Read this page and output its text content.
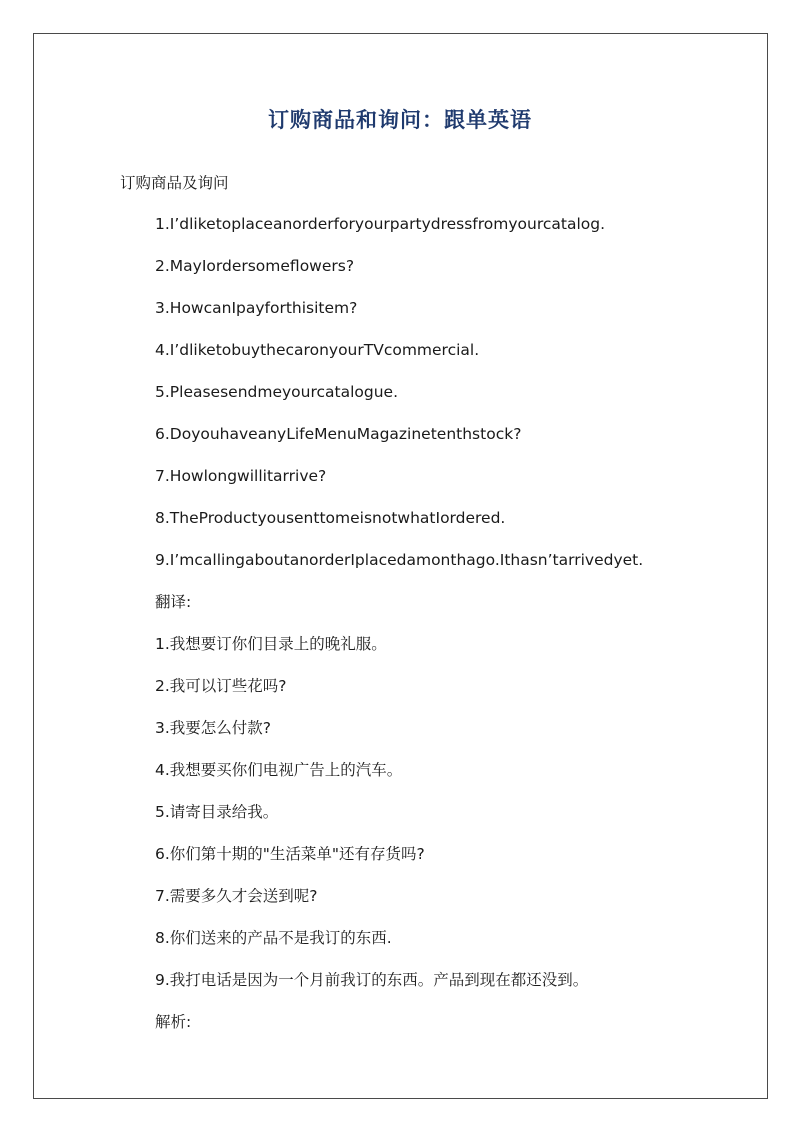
订购商品和询问：跟单英语
订购商品及询问
1.I’dliketoplaceanorderforyourpartydressfromyourcatalog.
2.MayIordersomeflowers?
3.HowcanIpayforthisitem?
4.I’dliketobuythecaronyourTVcommercial.
5.Pleasesendmeyourcatalogue.
6.DoyouhaveanyLifeMenuMagazinetenthstock?
7.Howlongwillitarrive?
8.TheProductyousenttomeisnotwhatIordered.
9.I’mcallingaboutanorderIplacedamonthago.Ithasn’tarrivedyet.
翻译:
1.我想要订你们目录上的晚礼服。
2.我可以订些花吗?
3.我要怎么付款?
4.我想要买你们电视广告上的汽车。
5.请寄目录给我。
6.你们第十期的"生活菜单"还有存货吗?
7.需要多久才会送到呢?
8.你们送来的产品不是我订的东西.
9.我打电话是因为一个月前我订的东西。产品到现在都还没到。
解析:
